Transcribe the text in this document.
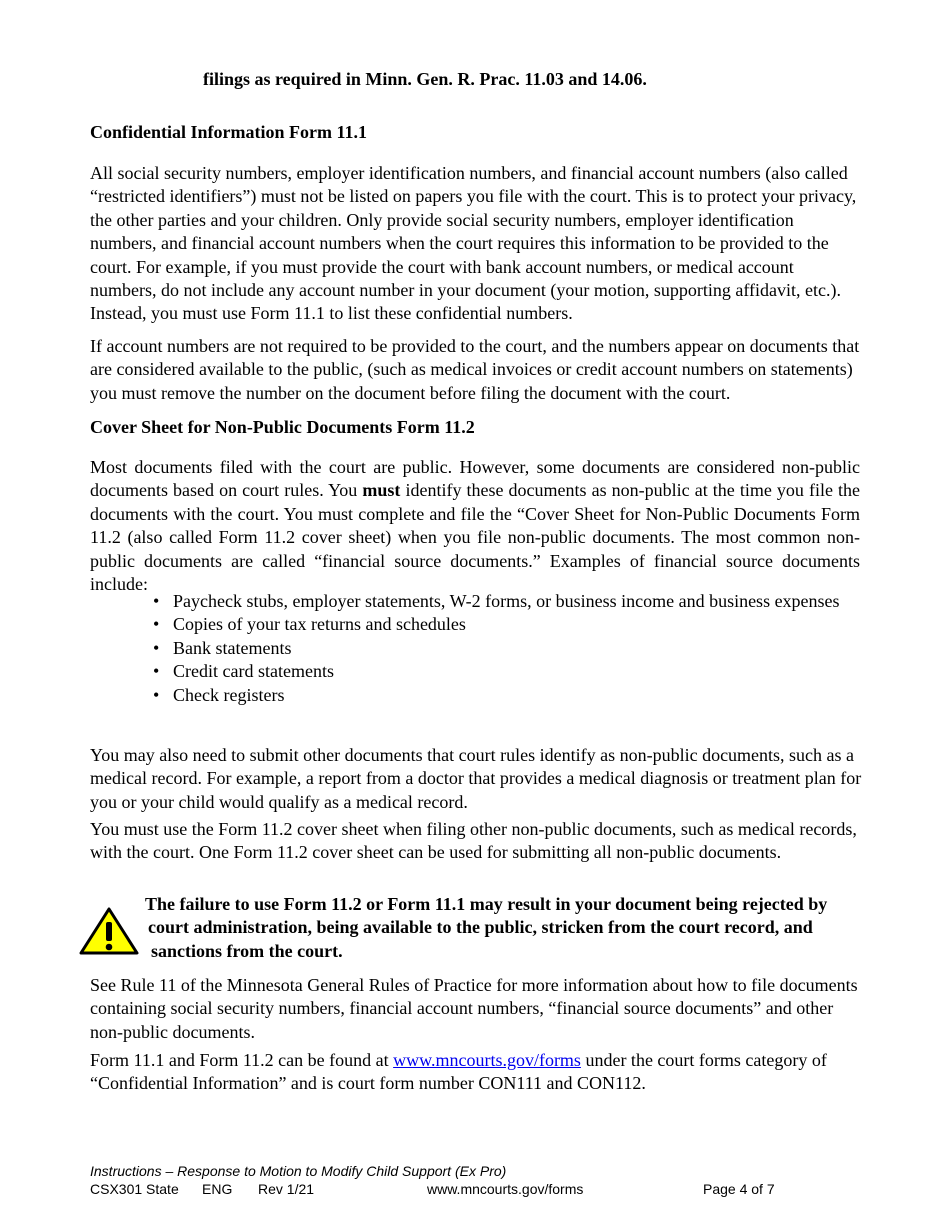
filings as required in Minn. Gen. R. Prac. 11.03 and 14.06.

Confidential Information Form 11.1

All social security numbers, employer identification numbers, and financial account numbers (also called “restricted identifiers”) must not be listed on papers you file with the court. This is to protect your privacy, the other parties and your children. Only provide social security numbers, employer identification numbers, and financial account numbers when the court requires this information to be provided to the court. For example, if you must provide the court with bank account numbers, or medical account numbers, do not include any account number in your document (your motion, supporting affidavit, etc.). Instead, you must use Form 11.1 to list these confidential numbers.

If account numbers are not required to be provided to the court, and the numbers appear on documents that are considered available to the public, (such as medical invoices or credit account numbers on statements) you must remove the number on the document before filing the document with the court.

Cover Sheet for Non-Public Documents Form 11.2

Most documents filed with the court are public. However, some documents are considered non-public documents based on court rules. You must identify these documents as non-public at the time you file the documents with the court. You must complete and file the “Cover Sheet for Non-Public Documents Form 11.2 (also called Form 11.2 cover sheet) when you file non-public documents. The most common non-public documents are called “financial source documents.” Examples of financial source documents include:

• Paycheck stubs, employer statements, W-2 forms, or business income and business expenses
• Copies of your tax returns and schedules
• Bank statements
• Credit card statements
• Check registers

You may also need to submit other documents that court rules identify as non-public documents, such as a medical record. For example, a report from a doctor that provides a medical diagnosis or treatment plan for you or your child would qualify as a medical record.

You must use the Form 11.2 cover sheet when filing other non-public documents, such as medical records, with the court. One Form 11.2 cover sheet can be used for submitting all non-public documents.

The failure to use Form 11.2 or Form 11.1 may result in your document being rejected by
court administration, being available to the public, stricken from the court record, and
sanctions from the court.

See Rule 11 of the Minnesota General Rules of Practice for more information about how to file documents containing social security numbers, financial account numbers, “financial source documents” and other non-public documents.

Form 11.1 and Form 11.2 can be found at www.mncourts.gov/forms under the court forms category of “Confidential Information” and is court form number CON111 and CON112.

Instructions – Response to Motion to Modify Child Support (Ex Pro)
CSX301 State ENG Rev 1/21	www.mncourts.gov/forms	Page 4 of 7
